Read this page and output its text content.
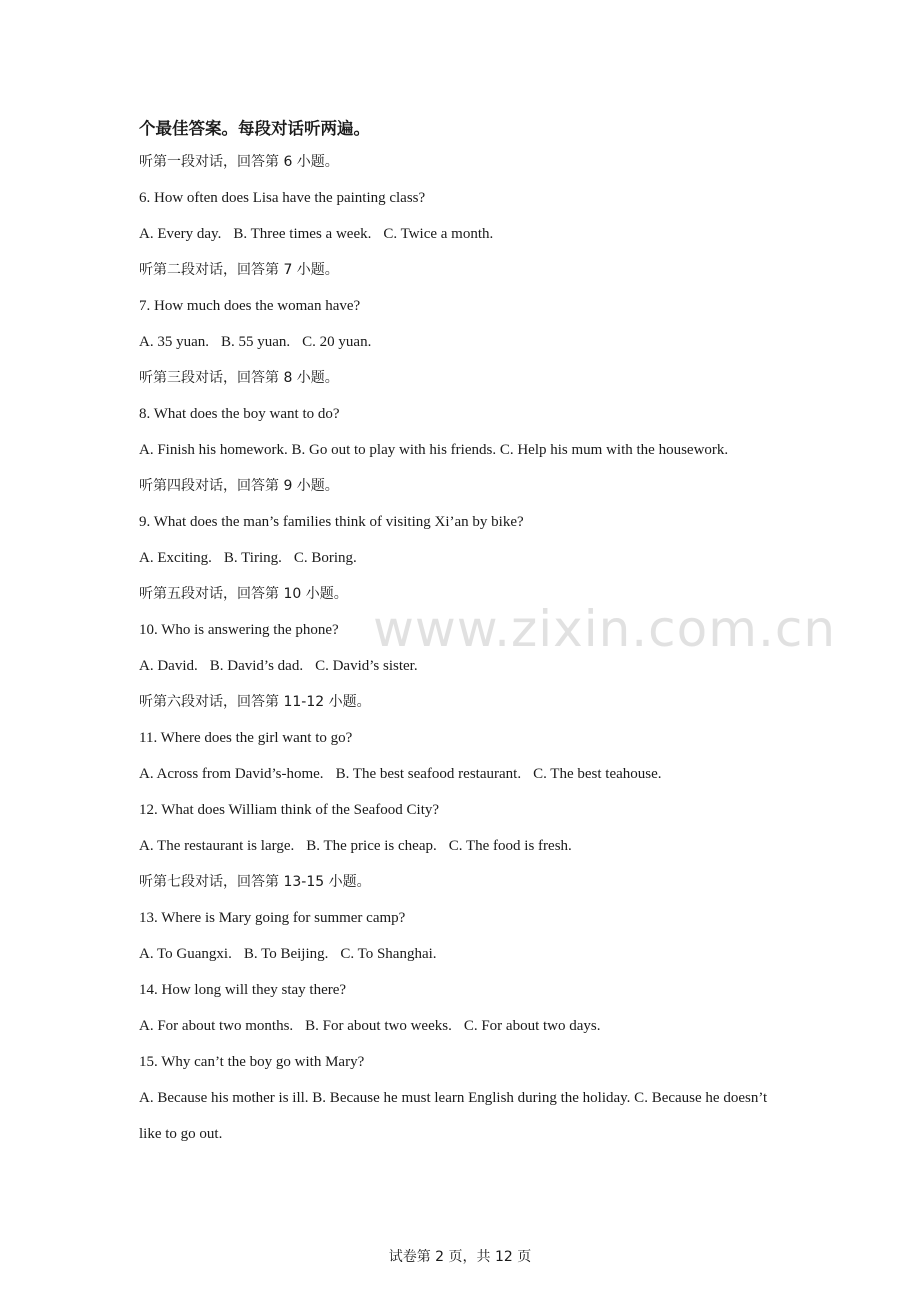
个最佳答案。每段对话听两遍。
听第一段对话，回答第 6 小题。
6. How often does Lisa have the painting class?
A. Every day. B. Three times a week. C. Twice a month.
听第二段对话，回答第 7 小题。
7. How much does the woman have?
A. 35 yuan. B. 55 yuan. C. 20 yuan.
听第三段对话，回答第 8 小题。
8. What does the boy want to do?
A. Finish his homework. B. Go out to play with his friends. C. Help his mum with the housework.
听第四段对话，回答第 9 小题。
9. What does the man’s families think of visiting Xi’an by bike?
A. Exciting. B. Tiring. C. Boring.
听第五段对话，回答第 10 小题。
10. Who is answering the phone?
A. David. B. David’s dad. C. David’s sister.
听第六段对话，回答第 11-12 小题。
11. Where does the girl want to go?
A. Across from David’s-home. B. The best seafood restaurant. C. The best teahouse.
12. What does William think of the Seafood City?
A. The restaurant is large. B. The price is cheap. C. The food is fresh.
听第七段对话，回答第 13-15 小题。
13. Where is Mary going for summer camp?
A. To Guangxi. B. To Beijing. C. To Shanghai.
14. How long will they stay there?
A. For about two months. B. For about two weeks. C. For about two days.
15. Why can’t the boy go with Mary?
A. Because his mother is ill. B. Because he must learn English during the holiday. C. Because he doesn’t like to go out.
www.zixin.com.cn
试卷第 2 页，共 12 页
